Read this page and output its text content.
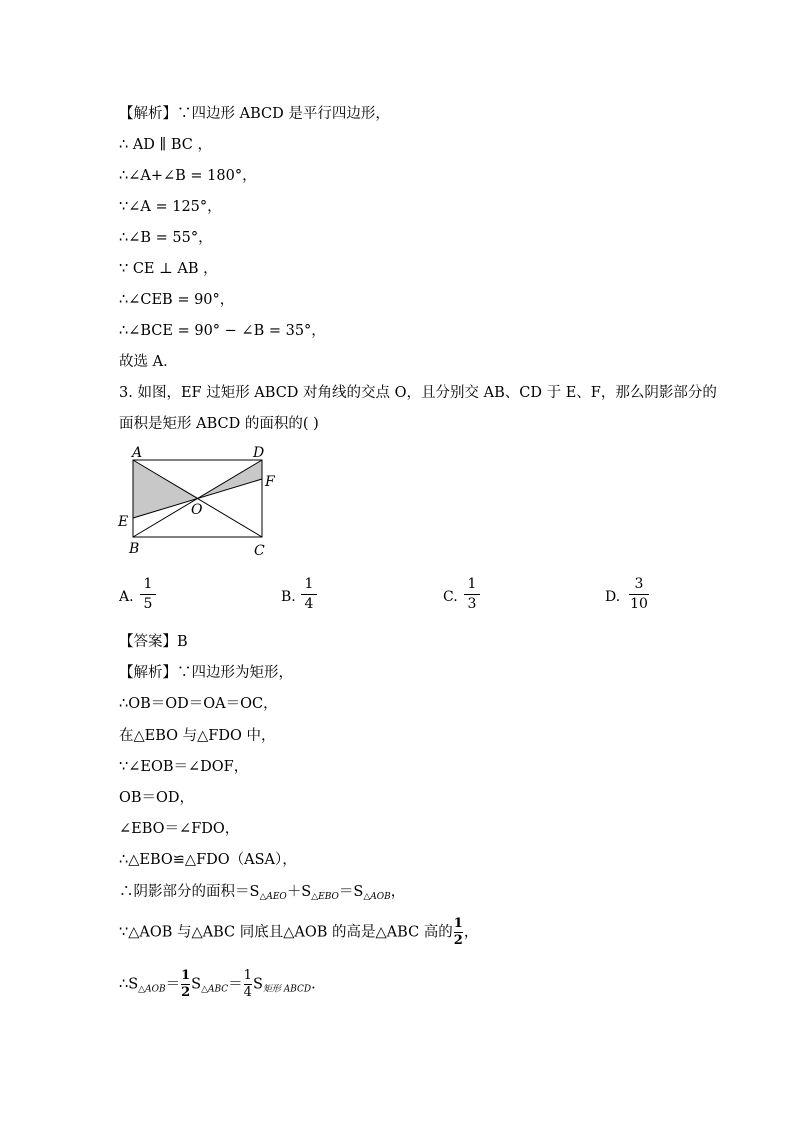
【解析】∵四边形 ABCD 是平行四边形，
∴ AD ∥ BC ，
∴∠A+∠B = 180°，
∵∠A = 125°，
∴∠B = 55°，
∵ CE ⊥ AB ，
∴∠CEB = 90°，
∴∠BCE = 90° − ∠B = 35°，
故选 A．
3. 如图，EF 过矩形 ABCD 对角线的交点 O，且分别交 AB、CD 于 E、F，那么阴影部分的
面积是矩形 ABCD 的面积的( )
A	D
F
O
E
B	C
A.
1
5	B.
1
4	C.
1
3	D.
3
10
【答案】B
【解析】∵四边形为矩形，
∴OB＝OD＝OA＝OC，
在△EBO 与△FDO 中，
∵∠EOB＝∠DOF，
OB＝OD，
∠EBO＝∠FDO，
∴△EBO≌△FDO（ASA），
∴阴影部分的面积$=S_{\triangle AEO}+S_{\triangle EBO}=S_{\triangle AOB}$，
∵△AOB 与△ABC 同底且△AOB 的高是△ABC 高的 $\frac{1}{2}$ ，
$\therefore S_{\triangle AOB}= \frac{1}{2} S_{\triangle ABC}= \frac{1}{4} S_{矩形 ABCD}$.
